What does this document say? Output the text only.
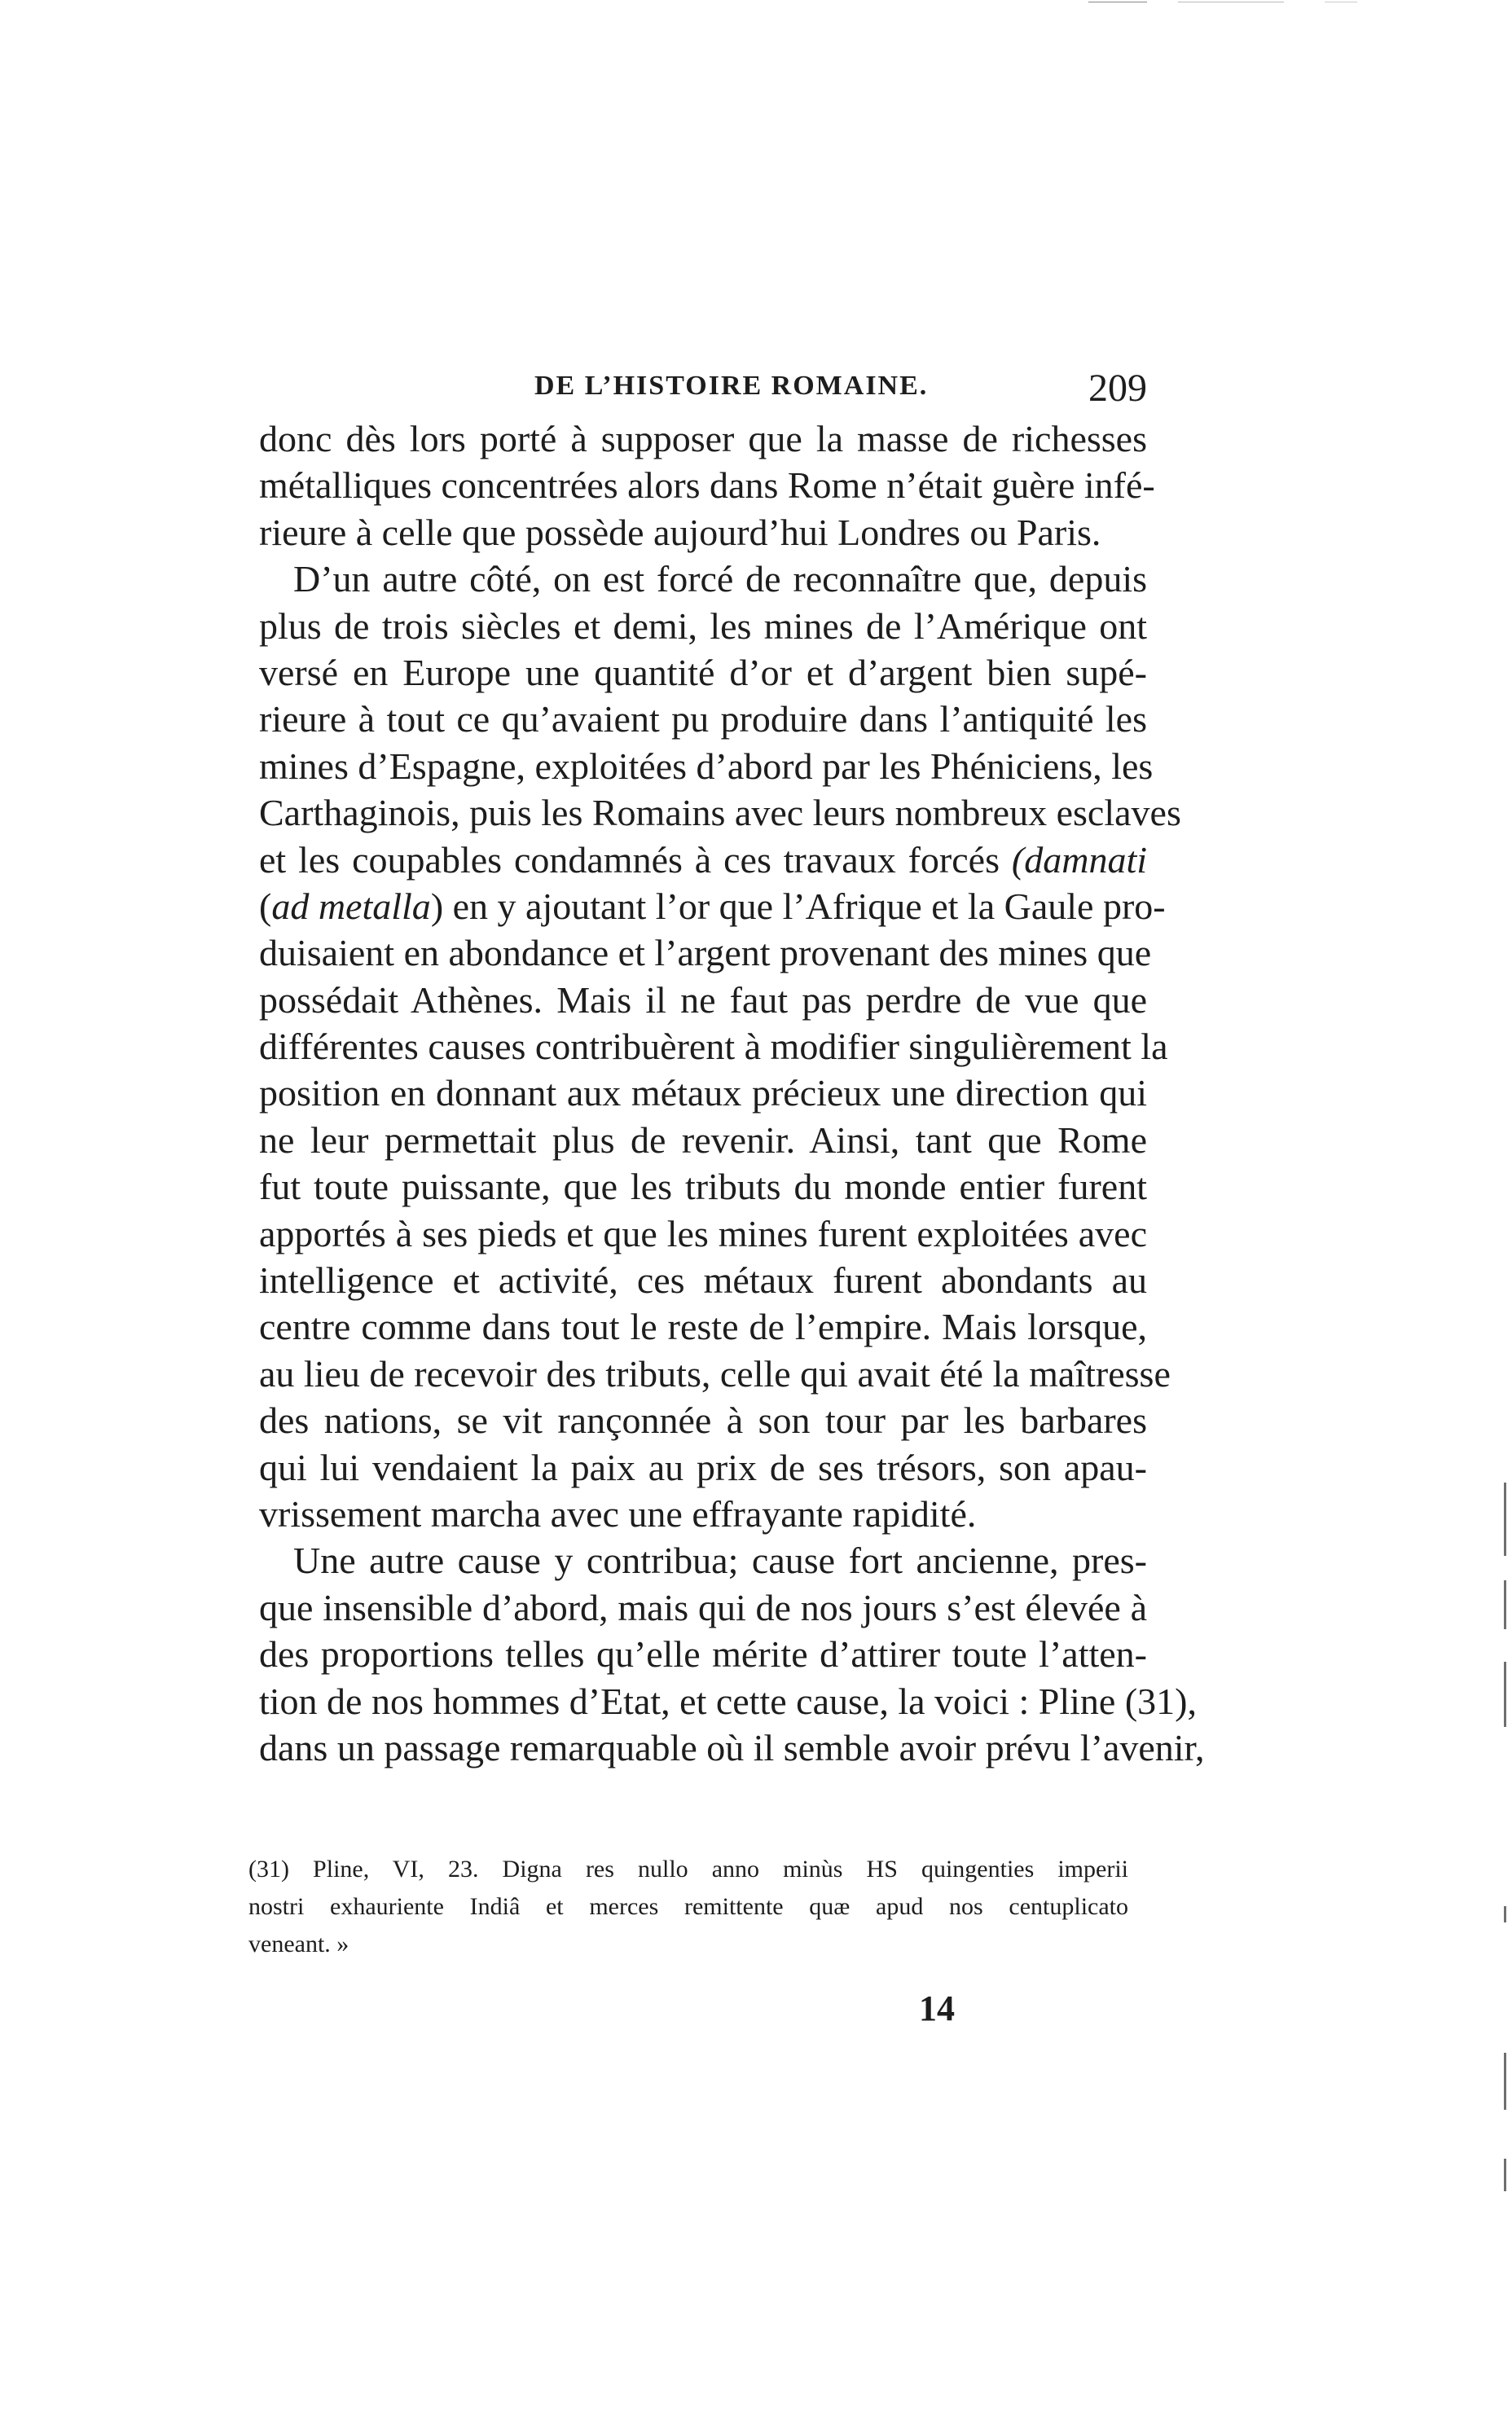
DE L’HISTOIRE ROMAINE.	209
donc dès lors porté à supposer que la masse de richesses
métalliques concentrées alors dans Rome n’était guère infé-
rieure à celle que possède aujourd’hui Londres ou Paris.
D’un autre côté, on est forcé de reconnaître que, depuis
plus de trois siècles et demi, les mines de l’Amérique ont
versé en Europe une quantité d’or et d’argent bien supé-
rieure à tout ce qu’avaient pu produire dans l’antiquité les
mines d’Espagne, exploitées d’abord par les Phéniciens, les
Carthaginois, puis les Romains avec leurs nombreux esclaves
et les coupables condamnés à ces travaux forcés (damnati
(ad metalla) en y ajoutant l’or que l’Afrique et la Gaule pro-
duisaient en abondance et l’argent provenant des mines que
possédait Athènes. Mais il ne faut pas perdre de vue que
différentes causes contribuèrent à modifier singulièrement la
position en donnant aux métaux précieux une direction qui
ne leur permettait plus de revenir. Ainsi, tant que Rome
fut toute puissante, que les tributs du monde entier furent
apportés à ses pieds et que les mines furent exploitées avec
intelligence et activité, ces métaux furent abondants au
centre comme dans tout le reste de l’empire. Mais lorsque,
au lieu de recevoir des tributs, celle qui avait été la maîtresse
des nations, se vit rançonnée à son tour par les barbares
qui lui vendaient la paix au prix de ses trésors, son apau-
vrissement marcha avec une effrayante rapidité.
Une autre cause y contribua; cause fort ancienne, pres-
que insensible d’abord, mais qui de nos jours s’est élevée à
des proportions telles qu’elle mérite d’attirer toute l’atten-
tion de nos hommes d’Etat, et cette cause, la voici : Pline (31),
dans un passage remarquable où il semble avoir prévu l’avenir,
(31) Pline, VI, 23. Digna res nullo anno minùs HS quingenties imperii
nostri exhauriente Indiâ et merces remittente quæ apud nos centuplicato
veneant. »
14
